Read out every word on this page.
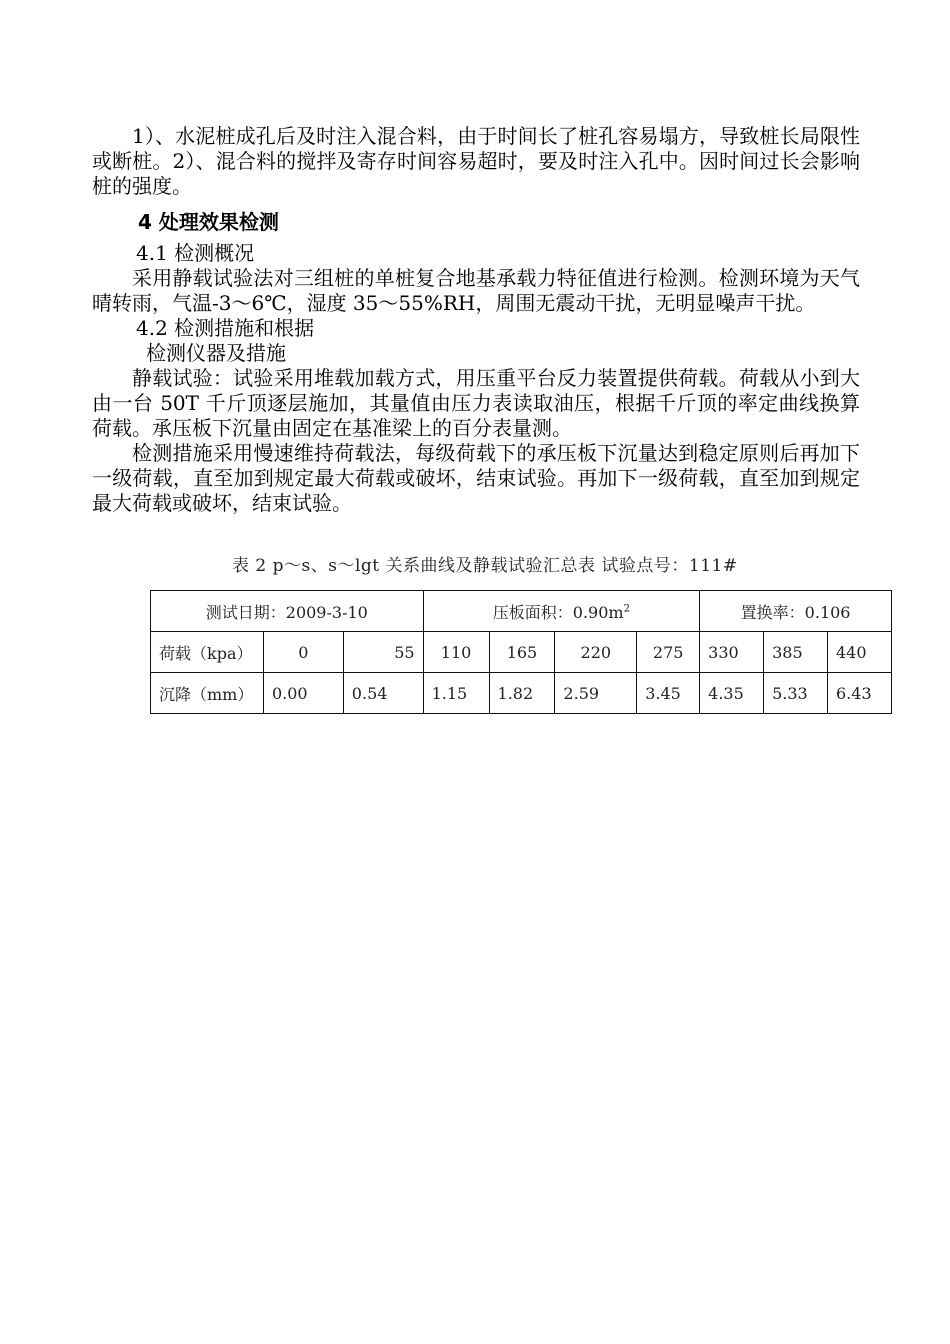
1）、水泥桩成孔后及时注入混合料，由于时间长了桩孔容易塌方，导致桩长局限性或断桩。2）、混合料的搅拌及寄存时间容易超时，要及时注入孔中。因时间过长会影响桩的强度。

4 处理效果检测

4.1 检测概况

采用静载试验法对三组桩的单桩复合地基承载力特征值进行检测。检测环境为天气晴转雨，气温-3～6℃，湿度 35～55%RH，周围无震动干扰，无明显噪声干扰。

4.2 检测措施和根据

检测仪器及措施

静载试验：试验采用堆载加载方式，用压重平台反力装置提供荷载。荷载从小到大由一台 50T 千斤顶逐层施加，其量值由压力表读取油压，根据千斤顶的率定曲线换算荷载。承压板下沉量由固定在基准梁上的百分表量测。

检测措施采用慢速维持荷载法，每级荷载下的承压板下沉量达到稳定原则后再加下一级荷载，直至加到规定最大荷载或破坏，结束试验。再加下一级荷载，直至加到规定最大荷载或破坏，结束试验。

表 2 p～s、s～lgt 关系曲线及静载试验汇总表 试验点号：111#
测试日期：2009-3-10			压板面积：$0.90m^2$				置换率：0.106		
荷载（kpa）	0	55	110	165	220	275	330	385	440
沉降（mm）	0.00	0.54	1.15	1.82	2.59	3.45	4.35	5.33	6.43
